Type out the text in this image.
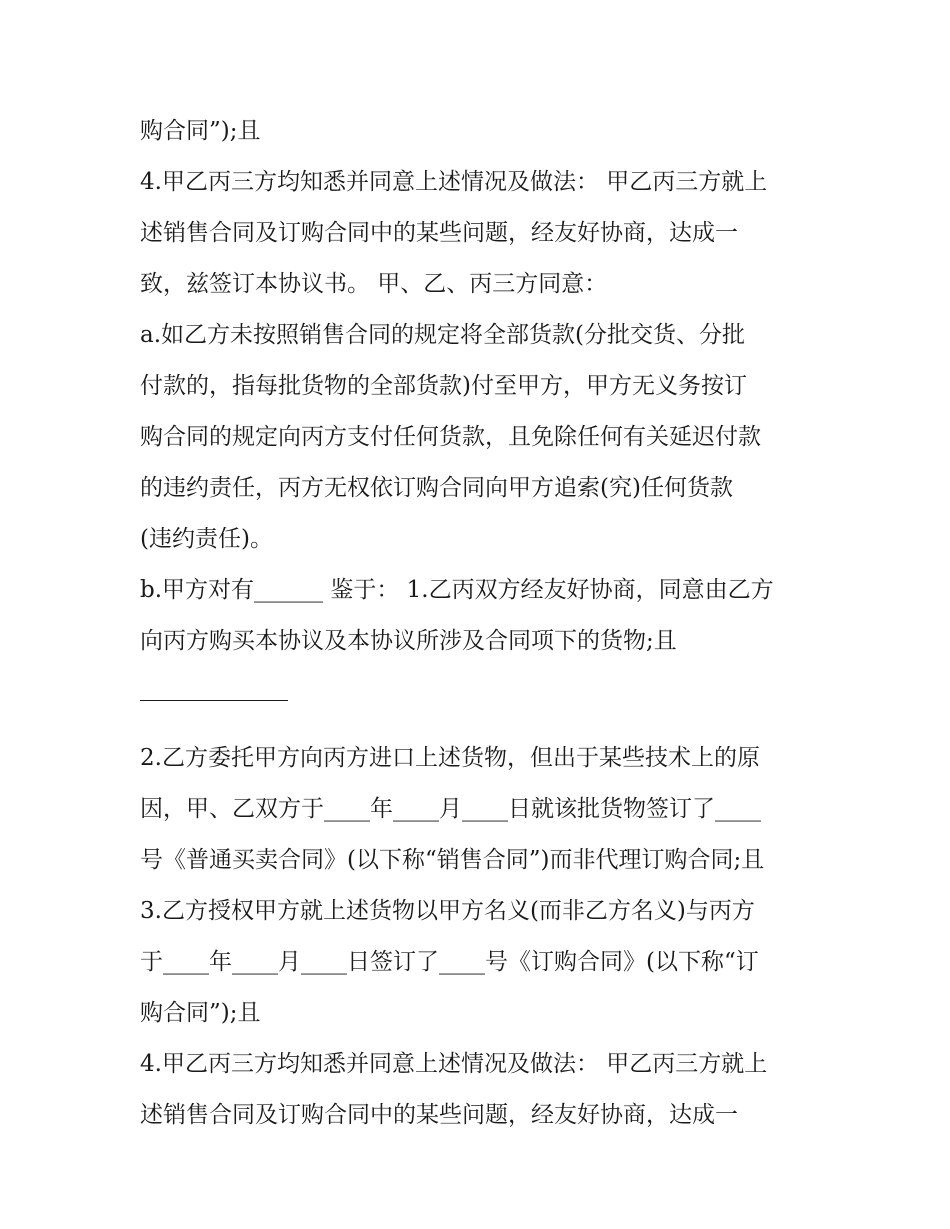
购合同”);且
4.甲乙丙三方均知悉并同意上述情况及做法： 甲乙丙三方就上
述销售合同及订购合同中的某些问题，经友好协商，达成一
致，兹签订本协议书。 甲、乙、丙三方同意：
a.如乙方未按照销售合同的规定将全部货款(分批交货、分批
付款的，指每批货物的全部货款)付至甲方，甲方无义务按订
购合同的规定向丙方支付任何货款，且免除任何有关延迟付款
的违约责任，丙方无权依订购合同向甲方追索(究)任何货款
(违约责任)。
b.甲方对有______ 鉴于： 1.乙丙双方经友好协商，同意由乙方
向丙方购买本协议及本协议所涉及合同项下的货物;且
2.乙方委托甲方向丙方进口上述货物，但出于某些技术上的原
因，甲、乙双方于____年____月____日就该批货物签订了____
号《普通买卖合同》(以下称“销售合同”)而非代理订购合同;且
3.乙方授权甲方就上述货物以甲方名义(而非乙方名义)与丙方
于____年____月____日签订了____号《订购合同》(以下称“订
购合同”);且
4.甲乙丙三方均知悉并同意上述情况及做法： 甲乙丙三方就上
述销售合同及订购合同中的某些问题，经友好协商，达成一
